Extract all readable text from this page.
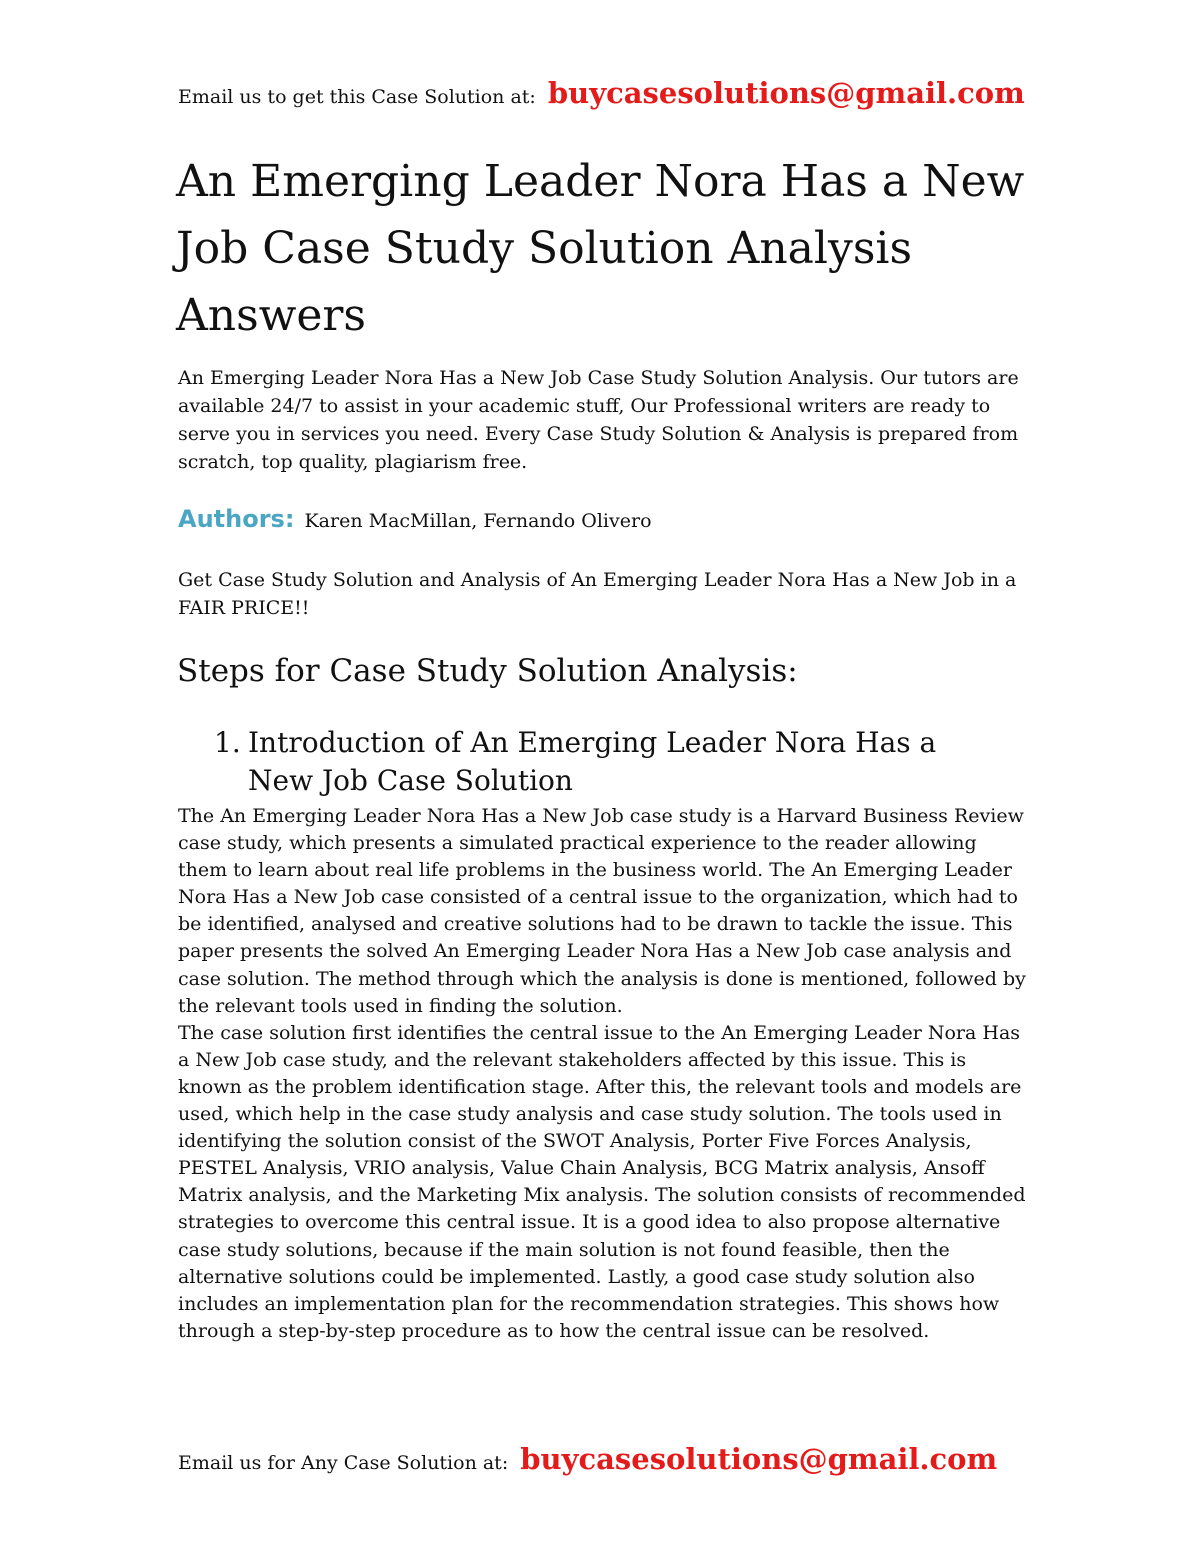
Email us to get this Case Solution at: buycasesolutions@gmail.com
An Emerging Leader Nora Has a New Job Case Study Solution Analysis Answers

An Emerging Leader Nora Has a New Job Case Study Solution Analysis. Our tutors are available 24/7 to assist in your academic stuff, Our Professional writers are ready to serve you in services you need. Every Case Study Solution & Analysis is prepared from scratch, top quality, plagiarism free.

Authors: Karen MacMillan, Fernando Olivero

Get Case Study Solution and Analysis of An Emerging Leader Nora Has a New Job in a FAIR PRICE!!

Steps for Case Study Solution Analysis:
1. Introduction of An Emerging Leader Nora Has a New Job Case Solution

The An Emerging Leader Nora Has a New Job case study is a Harvard Business Review case study, which presents a simulated practical experience to the reader allowing them to learn about real life problems in the business world. The An Emerging Leader Nora Has a New Job case consisted of a central issue to the organization, which had to be identified, analysed and creative solutions had to be drawn to tackle the issue. This paper presents the solved An Emerging Leader Nora Has a New Job case analysis and case solution. The method through which the analysis is done is mentioned, followed by the relevant tools used in finding the solution.

The case solution first identifies the central issue to the An Emerging Leader Nora Has a New Job case study, and the relevant stakeholders affected by this issue. This is known as the problem identification stage. After this, the relevant tools and models are used, which help in the case study analysis and case study solution. The tools used in identifying the solution consist of the SWOT Analysis, Porter Five Forces Analysis, PESTEL Analysis, VRIO analysis, Value Chain Analysis, BCG Matrix analysis, Ansoff Matrix analysis, and the Marketing Mix analysis. The solution consists of recommended strategies to overcome this central issue. It is a good idea to also propose alternative case study solutions, because if the main solution is not found feasible, then the alternative solutions could be implemented. Lastly, a good case study solution also includes an implementation plan for the recommendation strategies. This shows how through a step-by-step procedure as to how the central issue can be resolved.

Email us for Any Case Solution at: buycasesolutions@gmail.com
